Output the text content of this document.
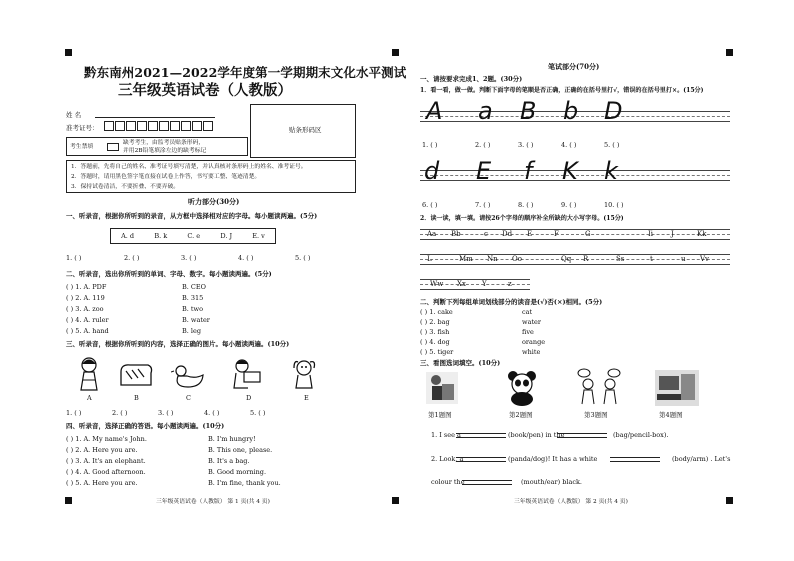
黔东南州2021—2022学年度第一学期期末文化水平测试
三年级英语试卷（人教版）
姓 名
准考证号：	贴条形码区
考生禁填
缺考考生，由监考员贴条形码，
并用2B铅笔填涂左边的缺考标记
1．答题前，先将自己的姓名、准考证号填写清楚，并认真核对条形码上的姓名、准考证号。
2．答题时，请用黑色签字笔直接在试卷上作答，书写要工整、笔迹清楚。
3．保持试卷清洁，不要折叠、不要弄破。
听力部分(30分)
一、听录音，根据你所听到的录音，从方框中选择相对应的字母。每小题读两遍。(5分)
A. d	B. k	C. e	D. J	E. v
1. ( )	2. ( )	3. ( )	4. ( )	5. ( )
二、听录音，选出你所听到的单词、字母、数字。每小题读两遍。(5分)
( ) 1. A. PDF	B. CEO
( ) 2. A. 119	B. 315
( ) 3. A. zoo	B. two
( ) 4. A. ruler	B. water
( ) 5. A. hand	B. leg
三、听录音，根据你所听到的内容，选择正确的图片。每小题读两遍。(10分)
A	B	C	D	E
1. ( )	2. ( )	3. ( )	4. ( )	5. ( )
四、听录音，选择正确的答语。每小题读两遍。(10分)
( ) 1. A. My name's John.	B. I'm hungry!
( ) 2. A. Here you are.	B. This one, please.
( ) 3. A. It's an elephant.	B. It's a bag.
( ) 4. A. Good afternoon.	B. Good morning.
( ) 5. A. Here you are.	B. I'm fine, thank you.
三年级英语试卷（人教版） 第 1 页(共 4 页)
笔试部分(70分)
一、请按要求完成1、2题。(30分)
1．看一看，做一做。判断下面字母的笔顺是否正确，正确的在括号里打√，错误的在括号里打×。(15分)
A a B b D
1. ( )	2. ( )	3. ( )	4. ( )	5. ( )
d E f K k
6. ( )	7. ( )	8. ( )	9. ( )	10. ( )
2．读一读，填一填。请按26个字母的顺序补全所缺的大小写字母。(15分)
Aa Bb	c Dd E	F	G	Ii	J	Kk
L	Mm Nn Oo	Qq R	Ss	t	u Vv
Ww Xx Y	z
二、判断下列每组单词划线部分的读音是(√)否(×)相同。(5分)
( ) 1. cake	cat
( ) 2. bag	water
( ) 3. fish	five
( ) 4. dog	orange
( ) 5. tiger	white
三、看图选词填空。(10分)
第1题图	第2题图	第3题图	第4题图
1. I see a	(book/pen) in the	(bag/pencil-box).
2. Look, a	(panda/dog)! It has a white	(body/arm) . Let's
colour the	(mouth/ear) black.
三年级英语试卷（人教版） 第 2 页(共 4 页)
